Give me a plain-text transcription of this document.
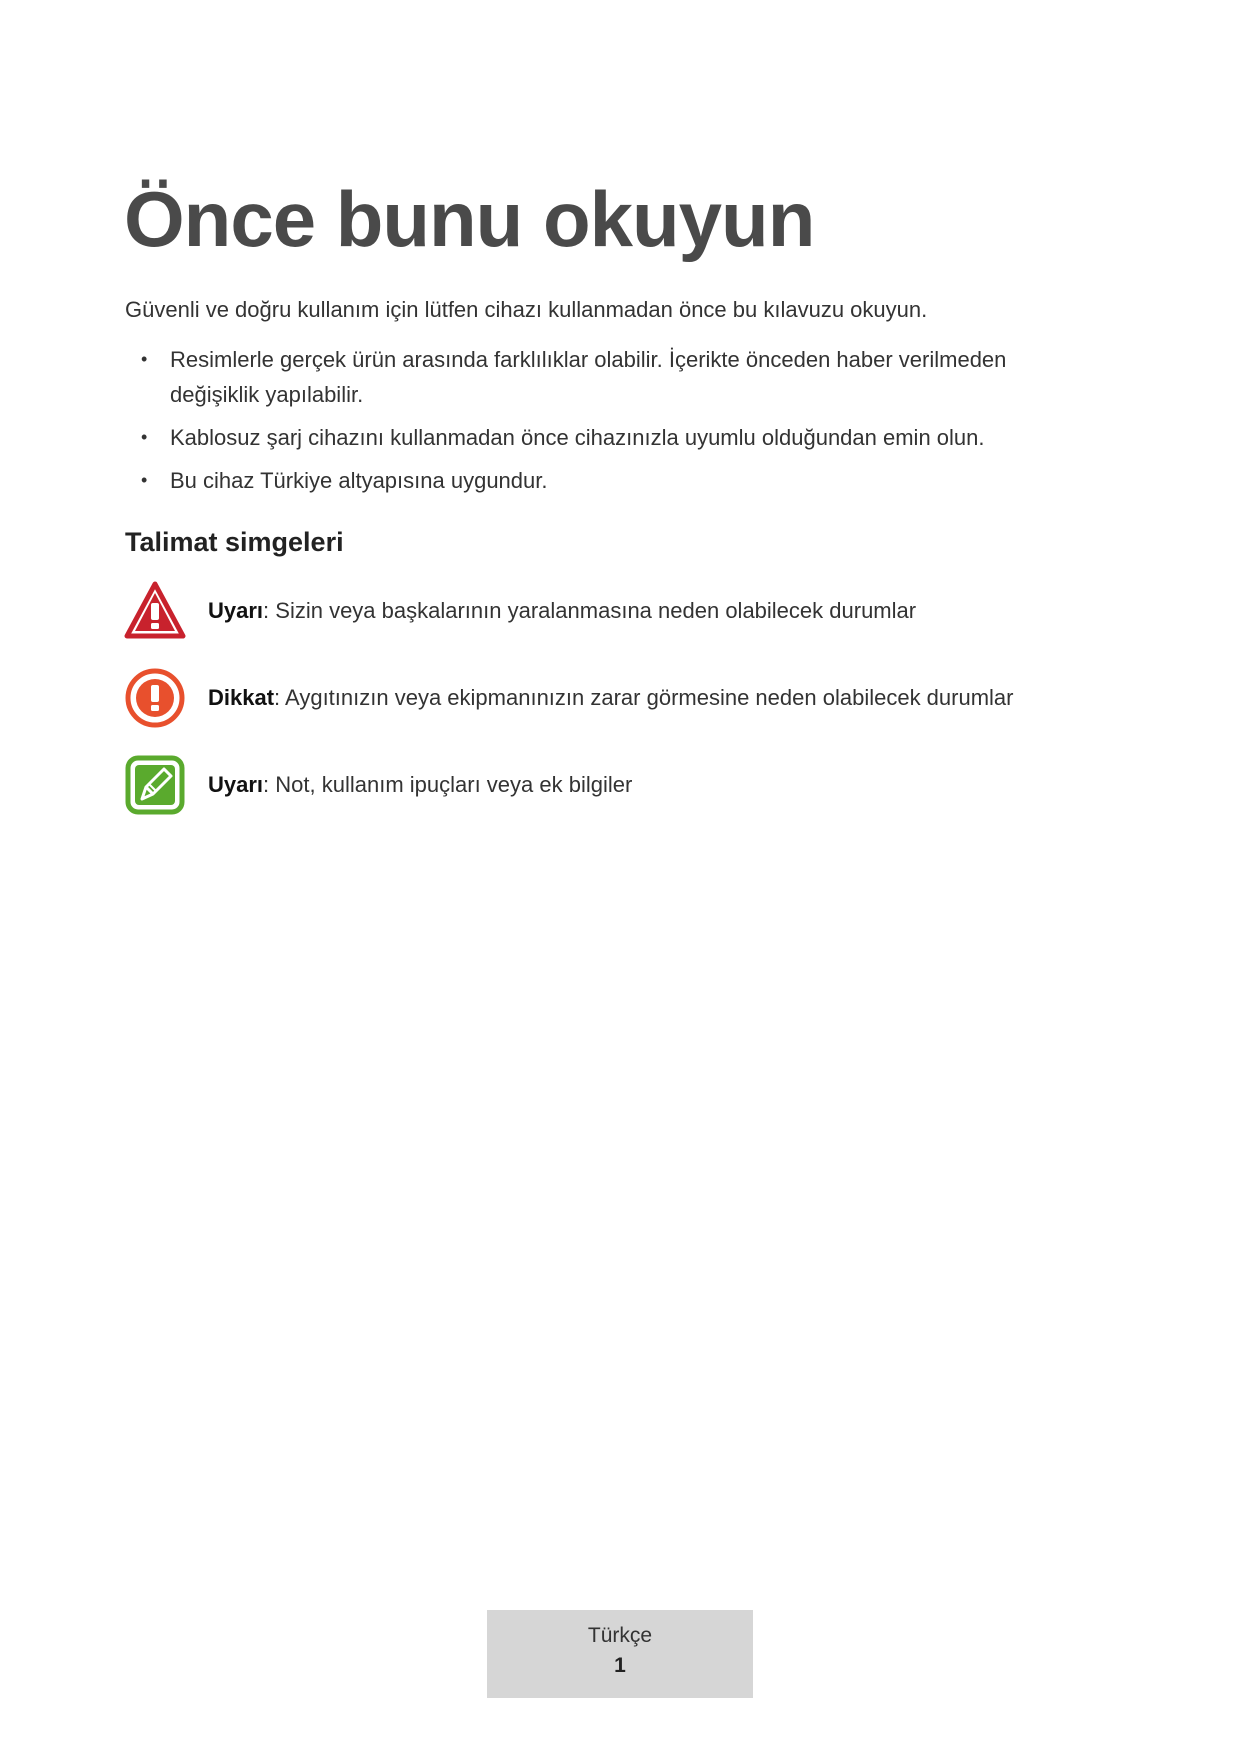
Önce bunu okuyun

Güvenli ve doğru kullanım için lütfen cihazı kullanmadan önce bu kılavuzu okuyun.

• Resimlerle gerçek ürün arasında farklılıklar olabilir. İçerikte önceden haber verilmeden değişiklik yapılabilir.
• Kablosuz şarj cihazını kullanmadan önce cihazınızla uyumlu olduğundan emin olun.
• Bu cihaz Türkiye altyapısına uygundur.
Talimat simgeleri
Uyarı: Sizin veya başkalarının yaralanmasına neden olabilecek durumlar
Dikkat: Aygıtınızın veya ekipmanınızın zarar görmesine neden olabilecek durumlar
Uyarı: Not, kullanım ipuçları veya ek bilgiler
Türkçe
1
